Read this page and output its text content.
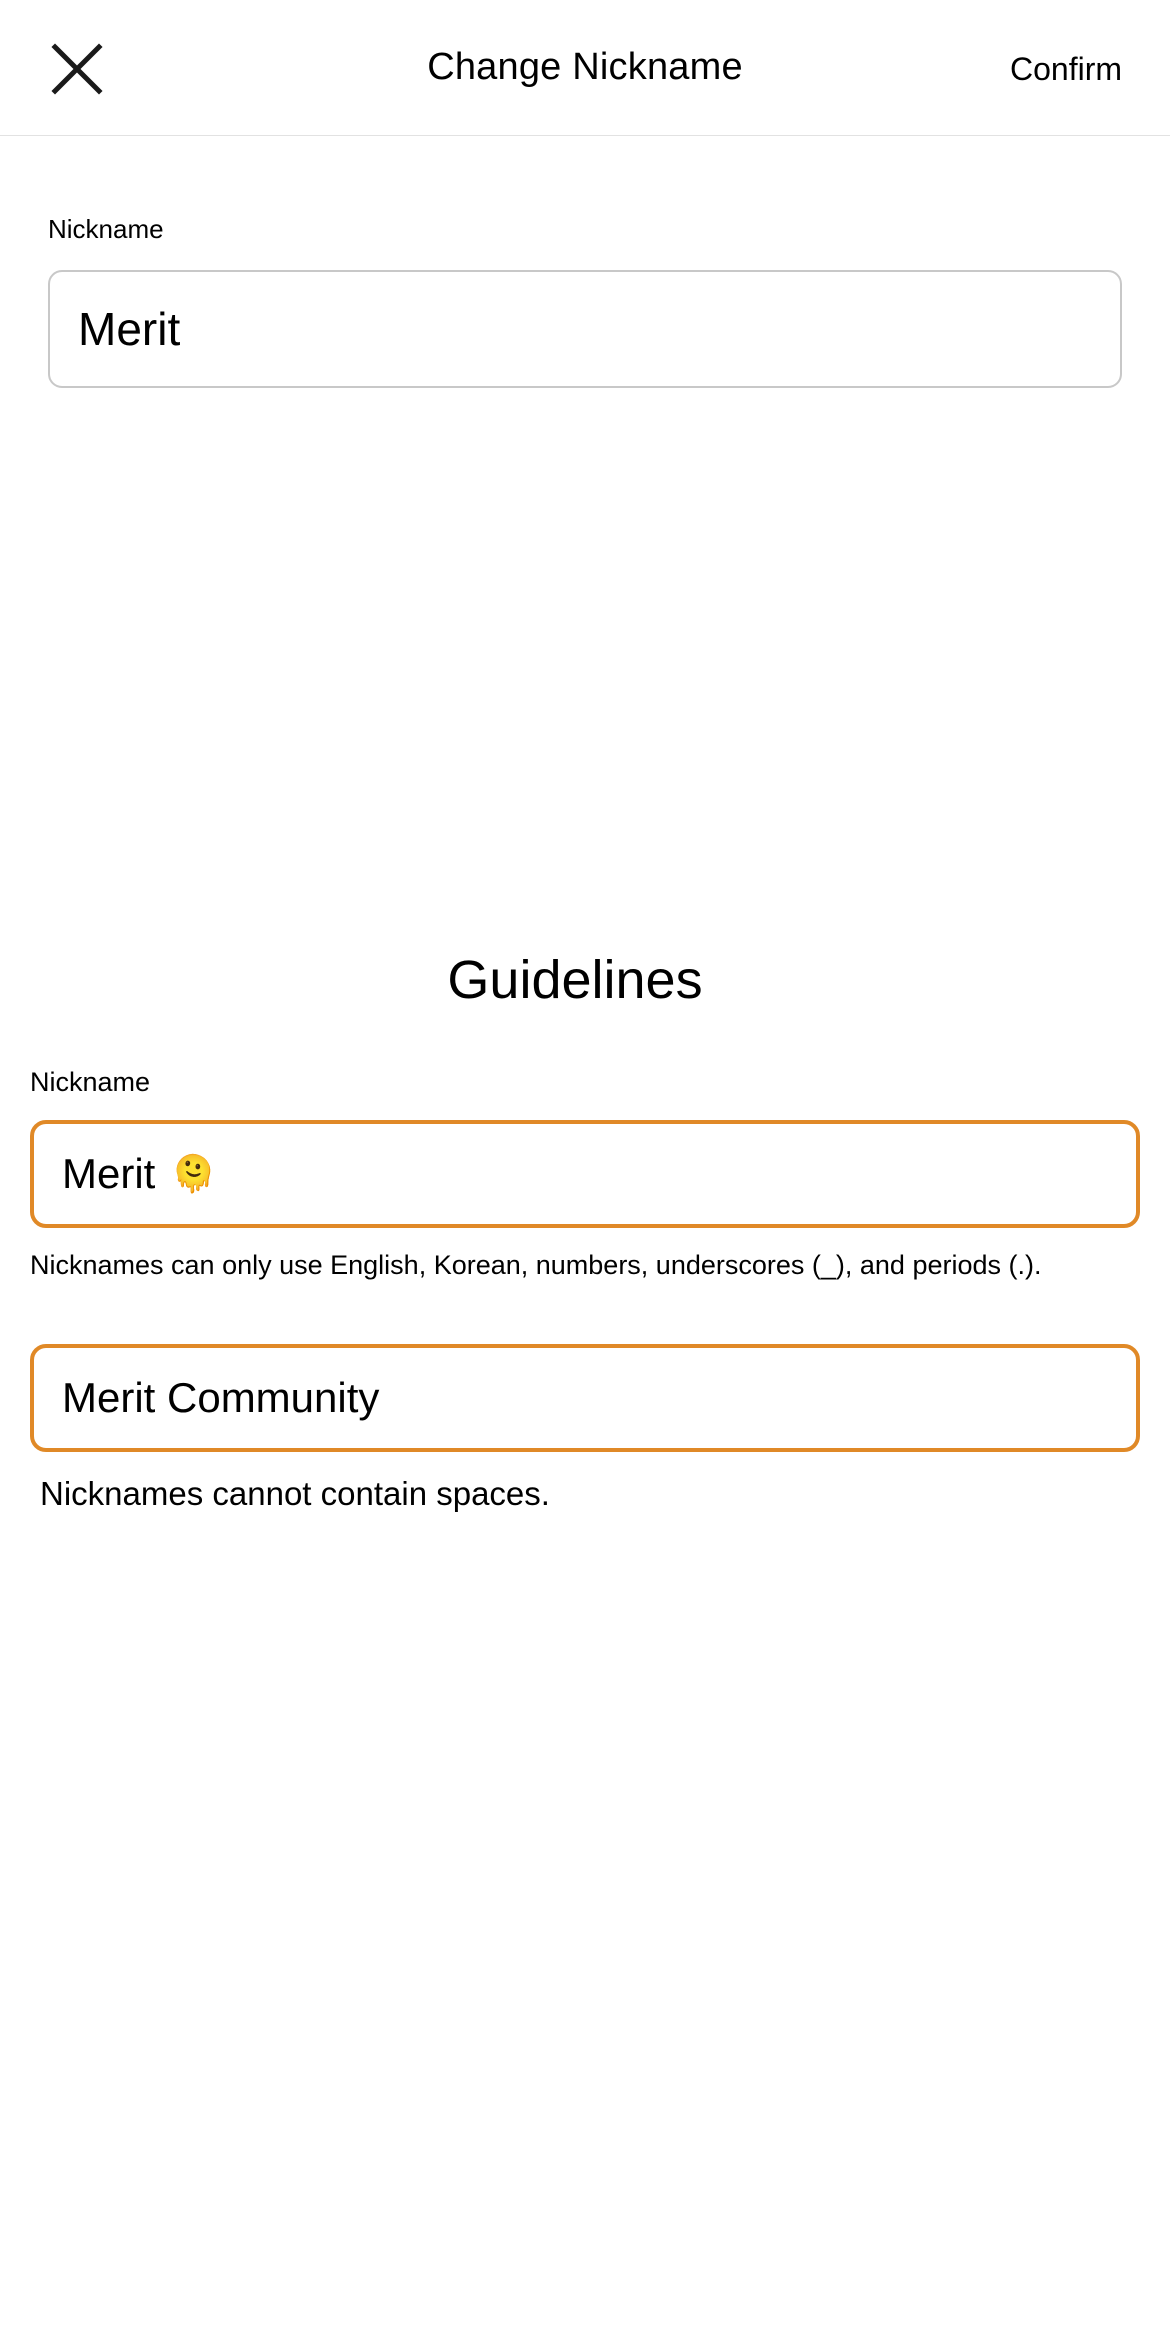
Change Nickname	Confirm
Nickname
Merit
Guidelines
Nickname
Merit 🫠
Nicknames can only use English, Korean, numbers, underscores (_), and periods (.).
Merit Community
Nicknames cannot contain spaces.
